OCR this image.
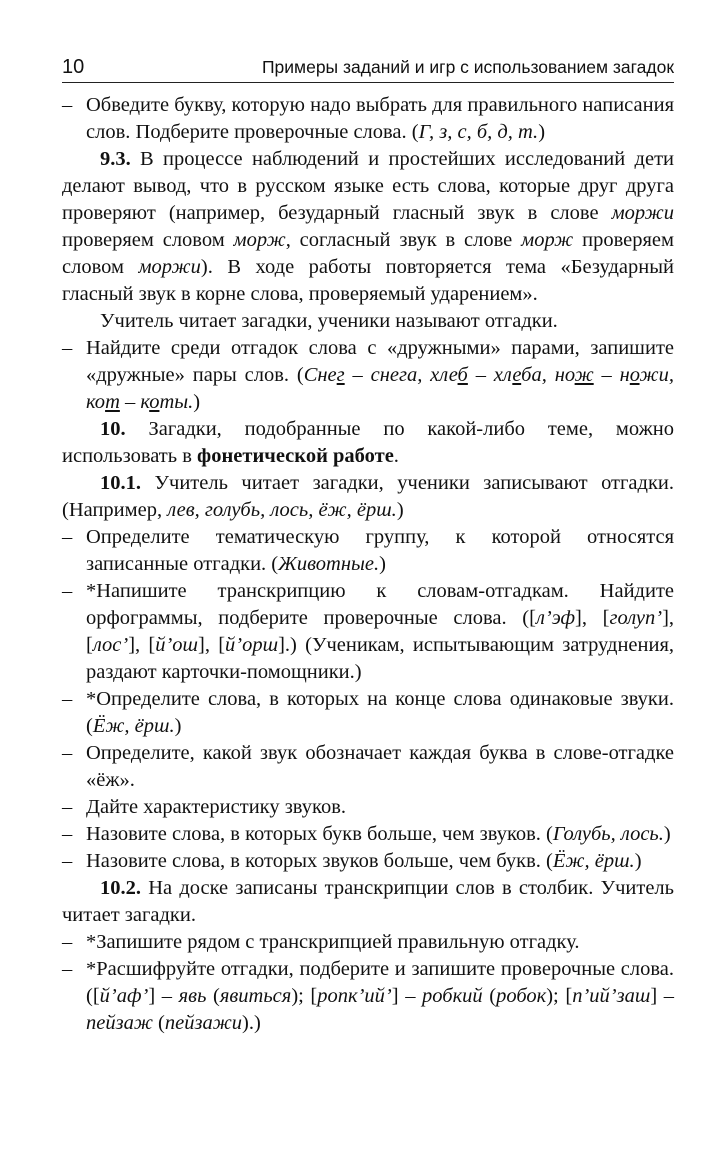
10	Примеры заданий и игр с использованием загадок

– Обведите букву, которую надо выбрать для правильного написания слов. Подберите проверочные слова. (Г, з, с, б, д, т.)

9.3. В процессе наблюдений и простейших исследований дети делают вывод, что в русском языке есть слова, которые друг друга проверяют (например, безударный гласный звук в слове моржи проверяем словом морж, согласный звук в слове морж проверяем словом моржи). В ходе работы повторяется тема «Безударный гласный звук в корне слова, проверяемый ударением».

Учитель читает загадки, ученики называют отгадки.

– Найдите среди отгадок слова с «дружными» парами, запишите «дружные» пары слов. (Снег – снега, хлеб – хлеба, нож – ножи, кот – коты.)

10. Загадки, подобранные по какой-либо теме, можно использовать в фонетической работе.

10.1. Учитель читает загадки, ученики записывают отгадки. (Например, лев, голубь, лось, ёж, ёрш.)

– Определите тематическую группу, к которой относятся записанные отгадки. (Животные.)

– *Напишите транскрипцию к словам-отгадкам. Найдите орфограммы, подберите проверочные слова. ([л’эф], [голуп’], [лос’], [й’ош], [й’орш].) (Ученикам, испытывающим затруднения, раздают карточки-помощники.)

– *Определите слова, в которых на конце слова одинаковые звуки. (Ёж, ёрш.)

– Определите, какой звук обозначает каждая буква в слове-отгадке «ёж».

– Дайте характеристику звуков.

– Назовите слова, в которых букв больше, чем звуков. (Голубь, лось.)

– Назовите слова, в которых звуков больше, чем букв. (Ёж, ёрш.)

10.2. На доске записаны транскрипции слов в столбик. Учитель читает загадки.

– *Запишите рядом с транскрипцией правильную отгадку.

– *Расшифруйте отгадки, подберите и запишите проверочные слова. ([й’аф’] – явь (явиться); [ропк’ий’] – робкий (робок); [п’ий’заш] – пейзаж (пейзажи).)
